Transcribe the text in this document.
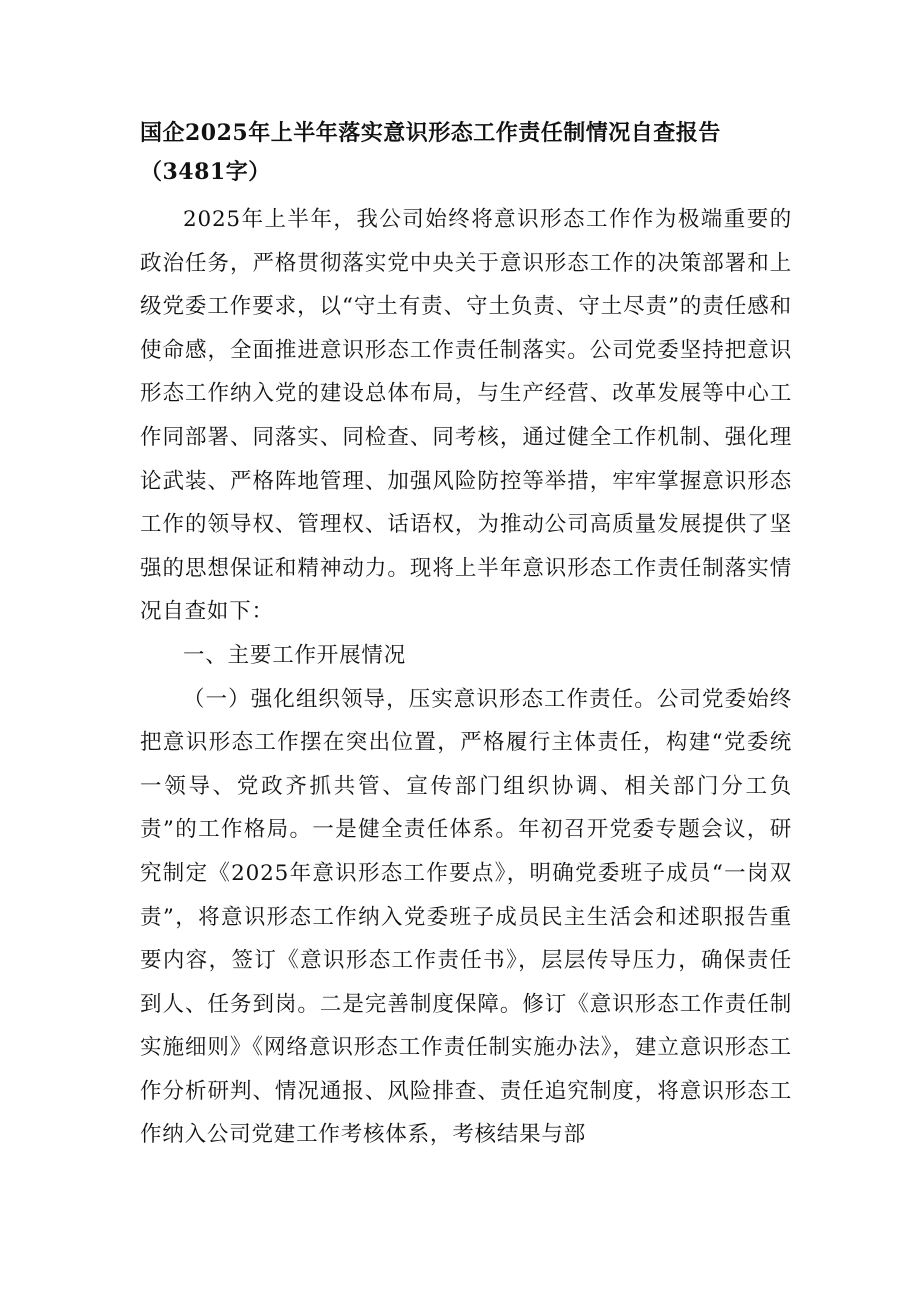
国企2025年上半年落实意识形态工作责任制情况自查报告（3481字）

2025年上半年，我公司始终将意识形态工作作为极端重要的政治任务，严格贯彻落实党中央关于意识形态工作的决策部署和上级党委工作要求，以“守土有责、守土负责、守土尽责”的责任感和使命感，全面推进意识形态工作责任制落实。公司党委坚持把意识形态工作纳入党的建设总体布局，与生产经营、改革发展等中心工作同部署、同落实、同检查、同考核，通过健全工作机制、强化理论武装、严格阵地管理、加强风险防控等举措，牢牢掌握意识形态工作的领导权、管理权、话语权，为推动公司高质量发展提供了坚强的思想保证和精神动力。现将上半年意识形态工作责任制落实情况自查如下：

一、主要工作开展情况

（一）强化组织领导，压实意识形态工作责任。公司党委始终把意识形态工作摆在突出位置，严格履行主体责任，构建“党委统一领导、党政齐抓共管、宣传部门组织协调、相关部门分工负责”的工作格局。一是健全责任体系。年初召开党委专题会议，研究制定《2025年意识形态工作要点》，明确党委班子成员“一岗双责”，将意识形态工作纳入党委班子成员民主生活会和述职报告重要内容，签订《意识形态工作责任书》，层层传导压力，确保责任到人、任务到岗。二是完善制度保障。修订《意识形态工作责任制实施细则》《网络意识形态工作责任制实施办法》，建立意识形态工作分析研判、情况通报、风险排查、责任追究制度，将意识形态工作纳入公司党建工作考核体系，考核结果与部
